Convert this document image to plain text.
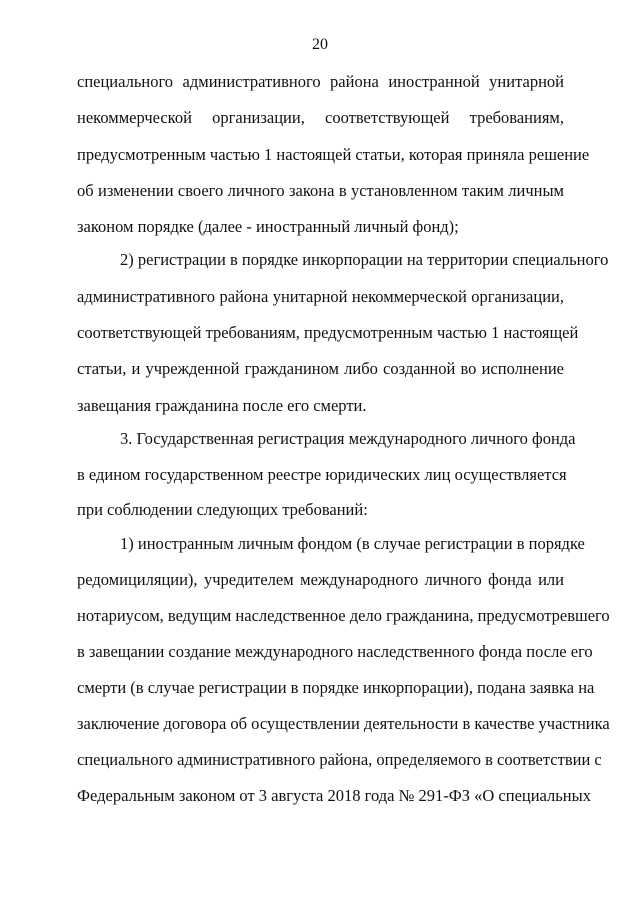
20
специального административного района иностранной унитарной
некоммерческой организации, соответствующей требованиям,
предусмотренным частью 1 настоящей статьи, которая приняла решение
об изменении своего личного закона в установленном таким личным
законом порядке (далее - иностранный личный фонд);
2) регистрации в порядке инкорпорации на территории специального
административного района унитарной некоммерческой организации,
соответствующей требованиям, предусмотренным частью 1 настоящей
статьи, и учрежденной гражданином либо созданной во исполнение
завещания гражданина после его смерти.
3. Государственная регистрация международного личного фонда
в едином государственном реестре юридических лиц осуществляется
при соблюдении следующих требований:
1) иностранным личным фондом (в случае регистрации в порядке
редомициляции), учредителем международного личного фонда или
нотариусом, ведущим наследственное дело гражданина, предусмотревшего
в завещании создание международного наследственного фонда после его
смерти (в случае регистрации в порядке инкорпорации), подана заявка на
заключение договора об осуществлении деятельности в качестве участника
специального административного района, определяемого в соответствии с
Федеральным законом от 3 августа 2018 года № 291-ФЗ «О специальных
